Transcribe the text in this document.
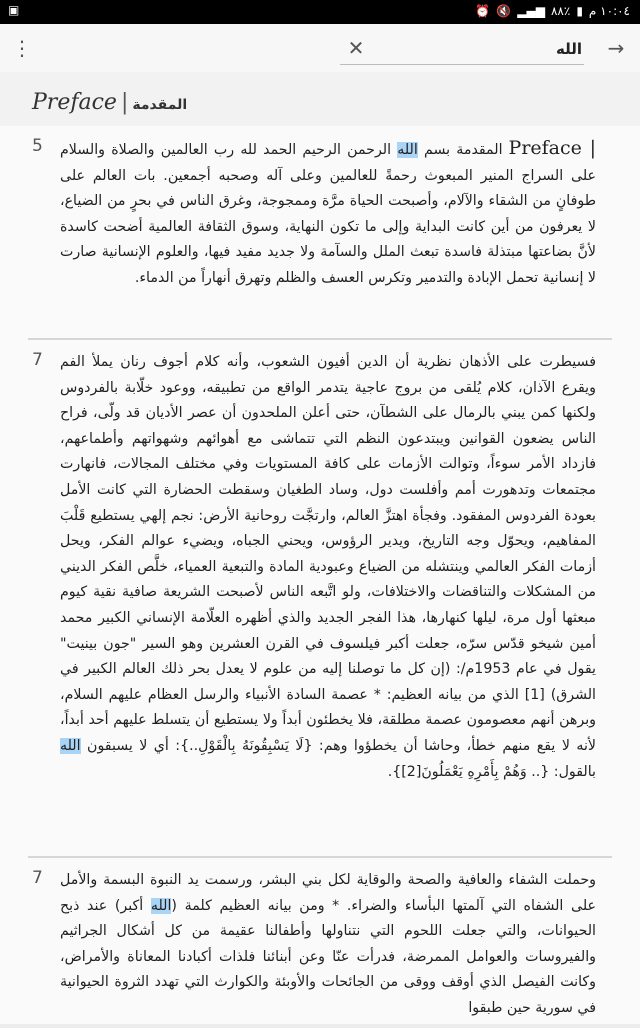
▣	⏰ 🔇 ▂▄▆ ٨٨٪ ▮ ١٠:٠٤ م
→
الله
✕
⋮
Preface | المقدمة
5	Preface |المقدمة بسم الله الرحمن الرحيم الحمد لله رب العالمين والصلاة والسلام على السراج المنير المبعوث رحمةً للعالمين وعلى آله وصحبه أجمعين. بات العالم على طوفانٍ من الشقاء والآلام، وأصبحت الحياة مرَّة وممجوجة، وغرق الناس في بحرٍ من الضياع، لا يعرفون من أين كانت البداية وإلى ما تكون النهاية، وسوق الثقافة العالمية أضحت كاسدة لأنَّ بضاعتها مبتذلة فاسدة تبعث الملل والسآمة ولا جديد مفيد فيها، والعلوم الإنسانية صارت لا إنسانية تحمل الإبادة والتدمير وتكرس العسف والظلم وتهرق أنهاراً من الدماء.
7 فسيطرت على الأذهان نظرية أن الدين أفيون الشعوب، وأنه كلام أجوف رنان يملأ الفم ويقرع الآذان، كلام يُلقى من بروج عاجية يتدمر الواقع من تطبيقه، ووعود خلّابة بالفردوس ولكنها كمن يبني بالرمال على الشطآن، حتى أعلن الملحدون أن عصر الأديان قد ولّى، فراح الناس يضعون القوانين ويبتدعون النظم التي تتماشى مع أهوائهم وشهواتهم وأطماعهم، فازداد الأمر سوءاً، وتوالت الأزمات على كافة المستويات وفي مختلف المجالات، فانهارت مجتمعات وتدهورت أمم وأفلست دول، وساد الطغيان وسقطت الحضارة التي كانت الأمل بعودة الفردوس المفقود. وفجأة اهتزَّ العالم، وارتجَّت روحانية الأرض: نجم إلهي يستطيع قَلْبَ المفاهيم، ويحوّل وجه التاريخ، ويدير الرؤوس، ويحني الجباه، ويضيء عوالم الفكر، ويحل أزمات الفكر العالمي وينتشله من الضياع وعبودية المادة والتبعية العمياء، خلَّص الفكر الديني من المشكلات والتناقضات والاختلافات، ولو اتَّبعه الناس لأصبحت الشريعة صافية نقية كيوم مبعثها أول مرة، ليلها كنهارها، هذا الفجر الجديد والذي أظهره العلّامة الإنساني الكبير محمد أمين شيخو قدّس سرّه، جعلت أكبر فيلسوف في القرن العشرين وهو السير "جون بينيت" يقول في عام 1953م/: (إن كل ما توصلنا إليه من علوم لا يعدل بحر ذلك العالم الكبير في الشرق) [1] الذي من بيانه العظيم: * عصمة السادة الأنبياء والرسل العظام عليهم السلام، وبرهن أنهم معصومون عصمة مطلقة، فلا يخطئون أبداً ولا يستطيع أن يتسلط عليهم أحد أبداً، لأنه لا يقع منهم خطأ، وحاشا أن يخطؤوا وهم: {لَا يَسْبِقُونَهُ بِالْقَوْلِ..}: أي لا يسبقون الله بالقول: {.. وَهُمْ بِأَمْرِهِ يَعْمَلُونَ[2]}.
7 وحملت الشفاء والعافية والصحة والوقاية لكل بني البشر، ورسمت يد النبوة البسمة والأمل على الشفاه التي آلمتها البأساء والضراء. * ومن بيانه العظيم كلمة (الله أكبر) عند ذبح الحيوانات، والتي جعلت اللحوم التي نتناولها وأطفالنا عقيمة من كل أشكال الجراثيم والفيروسات والعوامل الممرضة، فدرأت عنّا وعن أبنائنا فلذات أكبادنا المعاناة والأمراض، وكانت الفيصل الذي أوقف ووقى من الجائحات والأوبئة والكوارث التي تهدد الثروة الحيوانية في سورية حين طبقوا
